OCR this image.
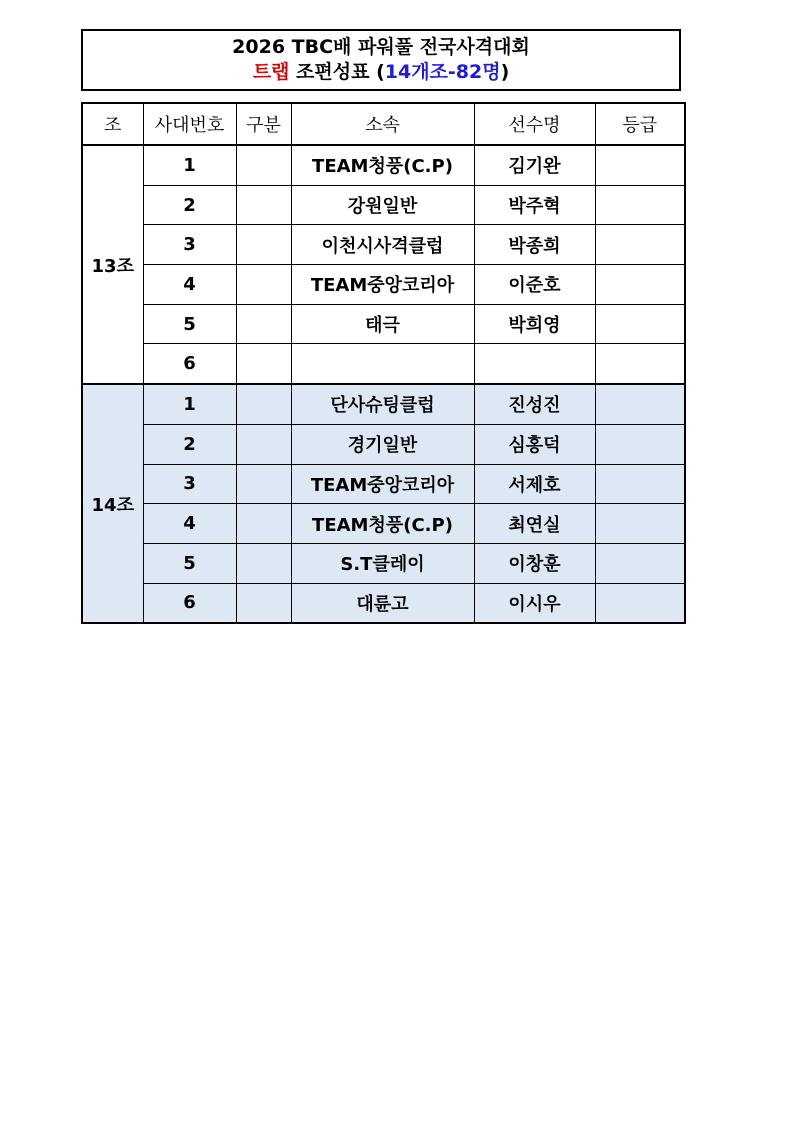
2026 TBC배 파워풀 전국사격대회
트랩 조편성표 (14개조-82명)
조	사대번호	구분	소속	선수명	등급
13조	1		TEAM청풍(C.P)	김기완	
	2		강원일반	박주혁	
	3		이천시사격클럽	박종희	
	4		TEAM중앙코리아	이준호	
	5		태극	박희영	
	6				
14조	1		단사슈팅클럽	진성진	
	2		경기일반	심홍덕	
	3		TEAM중앙코리아	서제호	
	4		TEAM청풍(C.P)	최연실	
	5		S.T클레이	이창훈	
	6		대륜고	이시우	
